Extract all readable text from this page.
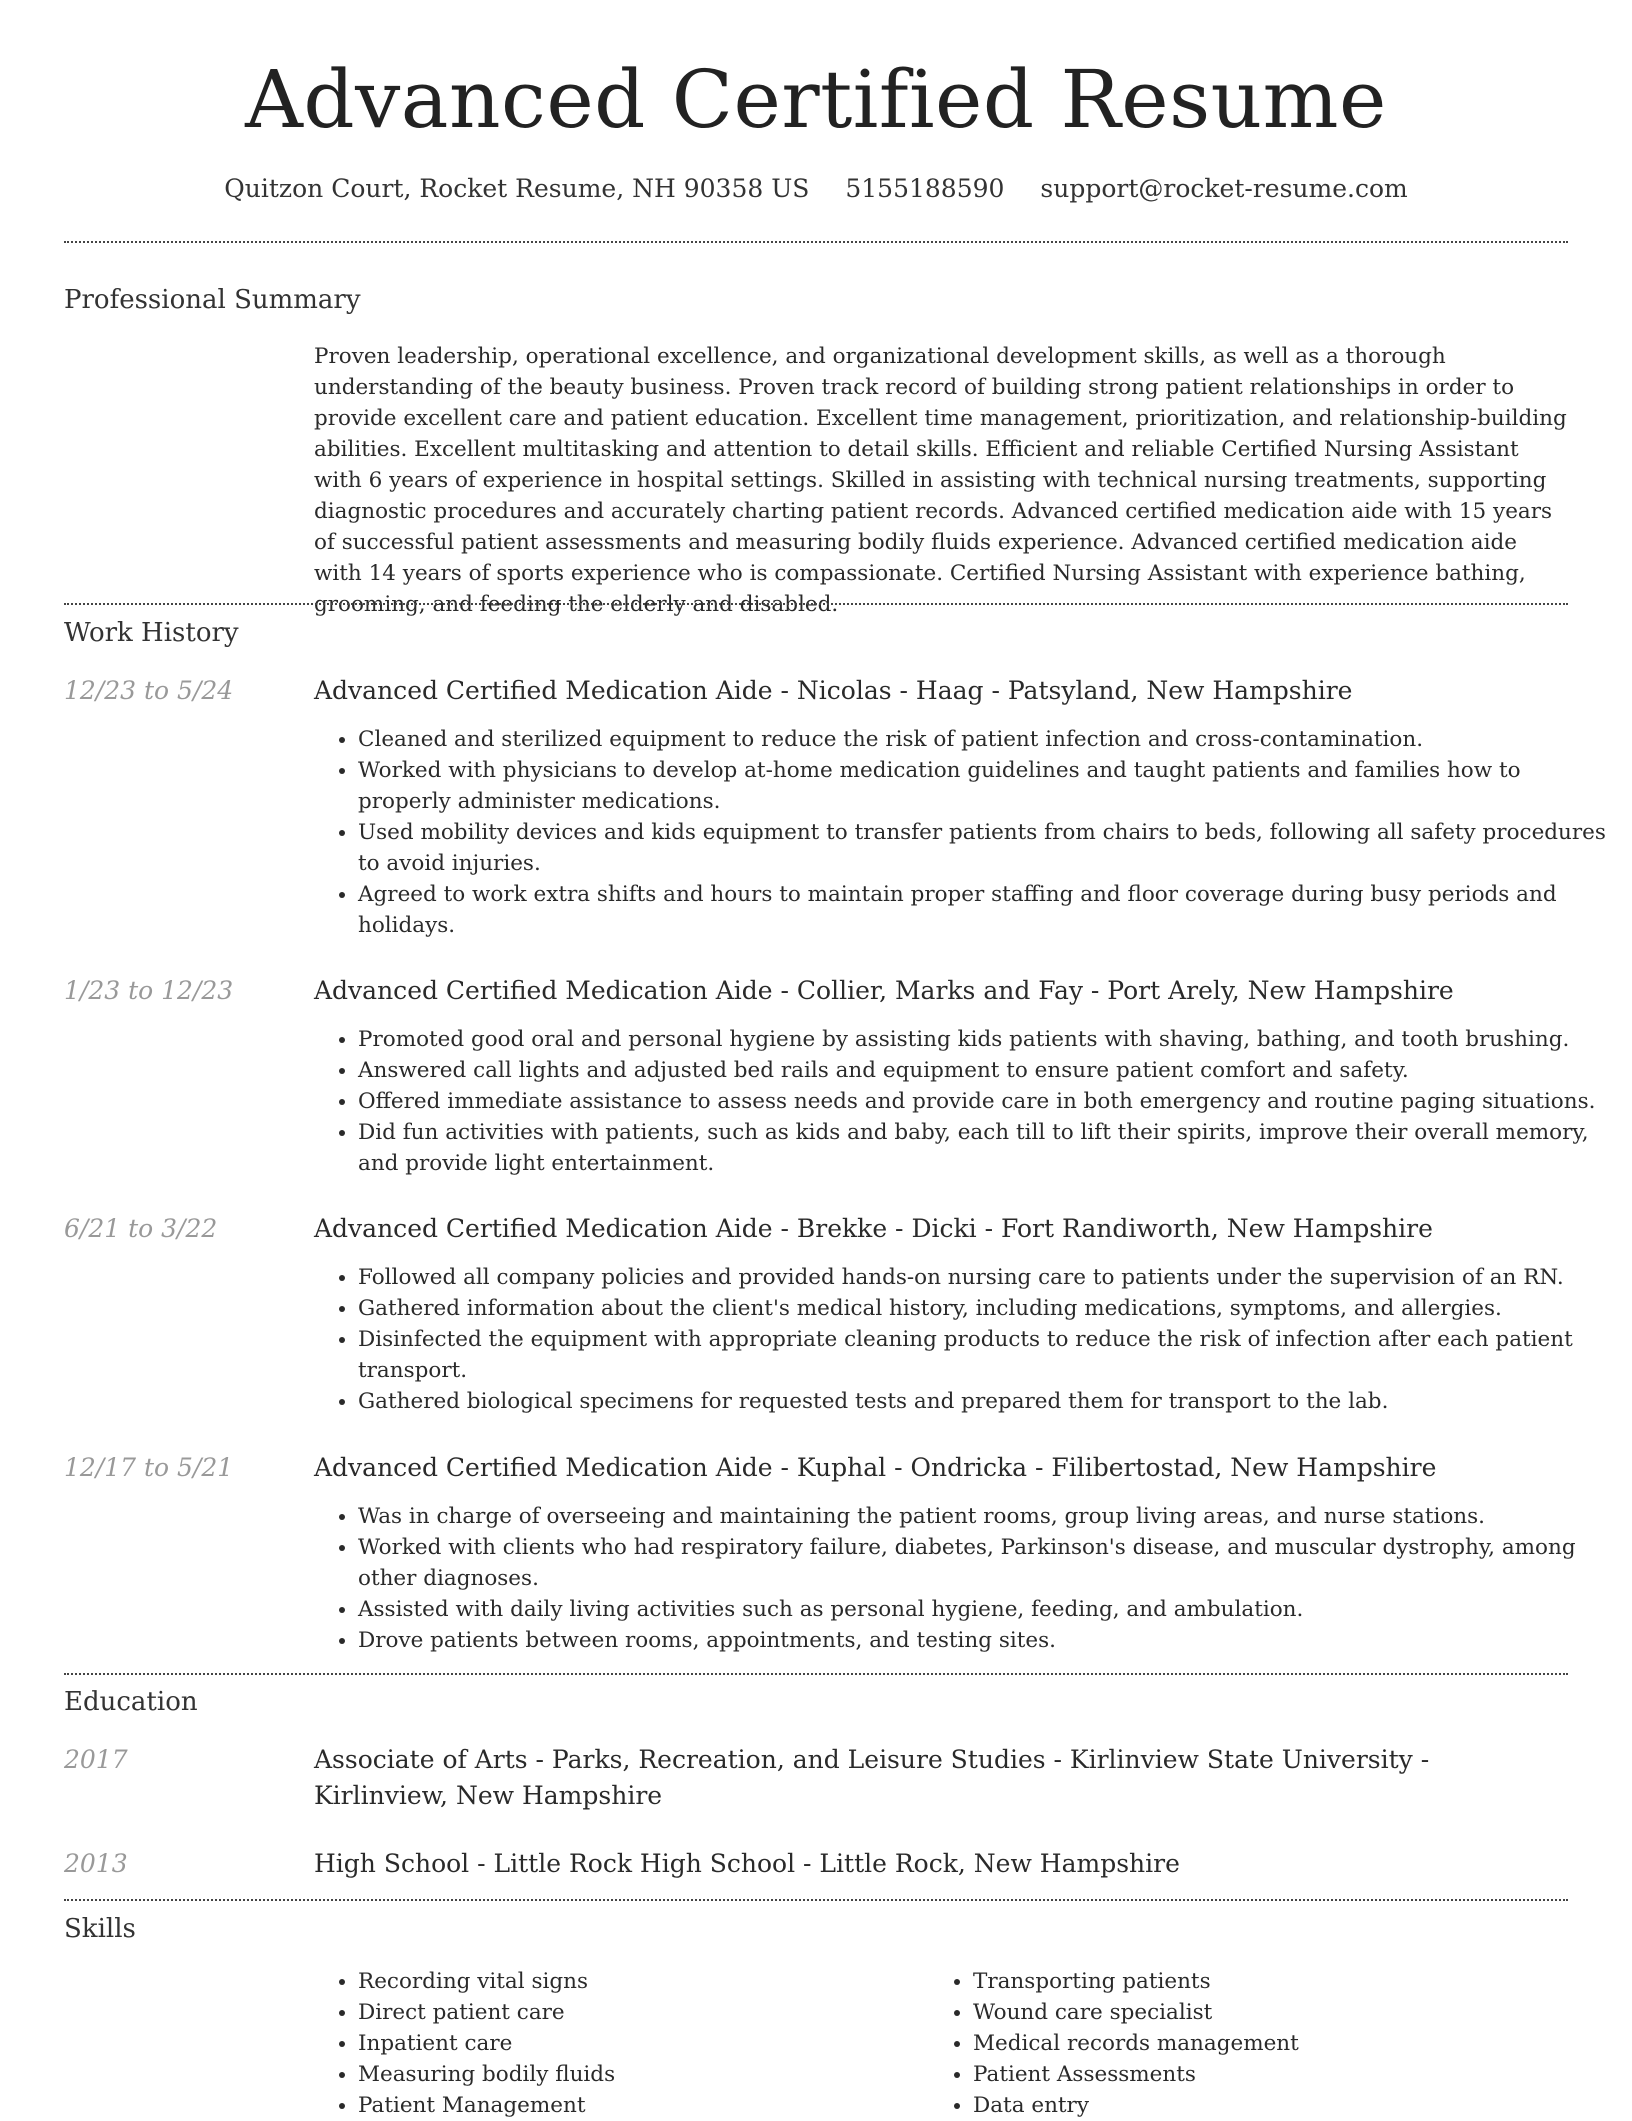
Advanced Certified Resume
Quitzon Court, Rocket Resume, NH 90358 US 5155188590 support@rocket-resume.com
Professional Summary

Proven leadership, operational excellence, and organizational development skills, as well as a thorough understanding of the beauty business. Proven track record of building strong patient relationships in order to provide excellent care and patient education. Excellent time management, prioritization, and relationship-building abilities. Excellent multitasking and attention to detail skills. Efficient and reliable Certified Nursing Assistant with 6 years of experience in hospital settings. Skilled in assisting with technical nursing treatments, supporting diagnostic procedures and accurately charting patient records. Advanced certified medication aide with 15 years of successful patient assessments and measuring bodily fluids experience. Advanced certified medication aide with 14 years of sports experience who is compassionate. Certified Nursing Assistant with experience bathing, grooming, and feeding the elderly and disabled.

Work History
12/23 to 5/24	Advanced Certified Medication Aide - Nicolas - Haag - Patsyland, New Hampshire
• Cleaned and sterilized equipment to reduce the risk of patient infection and cross-contamination.
• Worked with physicians to develop at-home medication guidelines and taught patients and families how to properly administer medications.
• Used mobility devices and kids equipment to transfer patients from chairs to beds, following all safety procedures to avoid injuries.
• Agreed to work extra shifts and hours to maintain proper staffing and floor coverage during busy periods and holidays.
1/23 to 12/23	Advanced Certified Medication Aide - Collier, Marks and Fay - Port Arely, New Hampshire
• Promoted good oral and personal hygiene by assisting kids patients with shaving, bathing, and tooth brushing.
• Answered call lights and adjusted bed rails and equipment to ensure patient comfort and safety.
• Offered immediate assistance to assess needs and provide care in both emergency and routine paging situations.
• Did fun activities with patients, such as kids and baby, each till to lift their spirits, improve their overall memory, and provide light entertainment.
6/21 to 3/22	Advanced Certified Medication Aide - Brekke - Dicki - Fort Randiworth, New Hampshire
• Followed all company policies and provided hands-on nursing care to patients under the supervision of an RN.
• Gathered information about the client's medical history, including medications, symptoms, and allergies.
• Disinfected the equipment with appropriate cleaning products to reduce the risk of infection after each patient transport.
• Gathered biological specimens for requested tests and prepared them for transport to the lab.
12/17 to 5/21	Advanced Certified Medication Aide - Kuphal - Ondricka - Filibertostad, New Hampshire
• Was in charge of overseeing and maintaining the patient rooms, group living areas, and nurse stations.
• Worked with clients who had respiratory failure, diabetes, Parkinson's disease, and muscular dystrophy, among other diagnoses.
• Assisted with daily living activities such as personal hygiene, feeding, and ambulation.
• Drove patients between rooms, appointments, and testing sites.
Education
2017	Associate of Arts - Parks, Recreation, and Leisure Studies - Kirlinview State University - Kirlinview, New Hampshire
2013	High School - Little Rock High School - Little Rock, New Hampshire
Skills
• Recording vital signs
• Direct patient care
• Inpatient care
• Measuring bodily fluids
• Patient Management
• Transporting patients
• Wound care specialist
• Medical records management
• Patient Assessments
• Data entry
